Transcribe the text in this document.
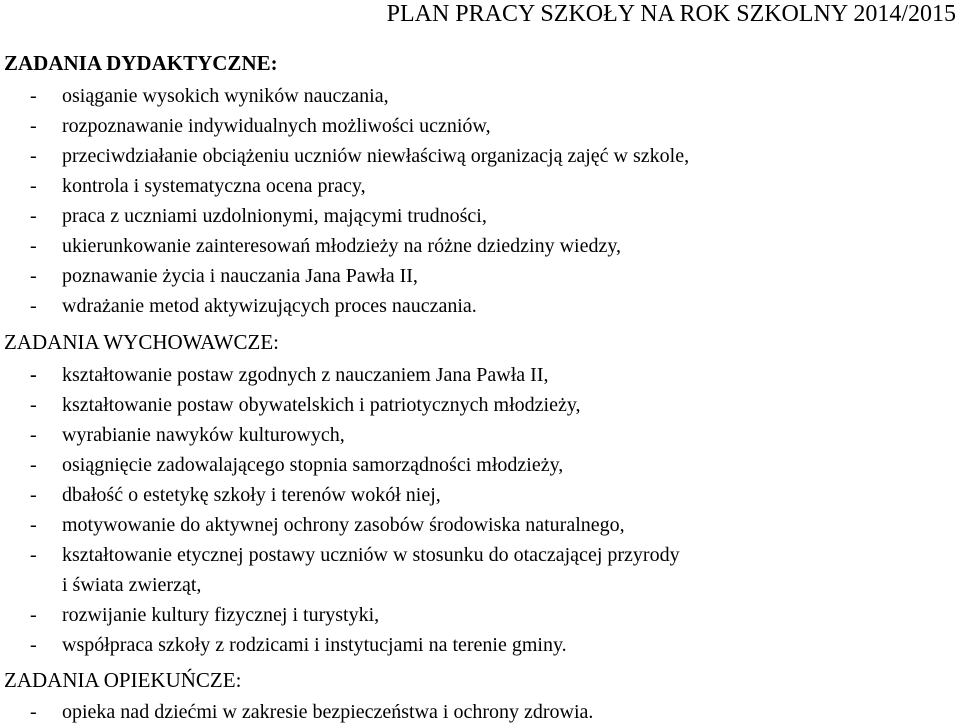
PLAN PRACY SZKOŁY NA ROK SZKOLNY 2014/2015
ZADANIA DYDAKTYCZNE:
- osiąganie wysokich wyników nauczania,
- rozpoznawanie indywidualnych możliwości uczniów,
- przeciwdziałanie obciążeniu uczniów niewłaściwą organizacją zajęć w szkole,
- kontrola i systematyczna ocena pracy,
- praca z uczniami uzdolnionymi, mającymi trudności,
- ukierunkowanie zainteresowań młodzieży na różne dziedziny wiedzy,
- poznawanie życia i nauczania Jana Pawła II,
- wdrażanie metod aktywizujących proces nauczania.
ZADANIA WYCHOWAWCZE:
- kształtowanie postaw zgodnych z nauczaniem Jana Pawła II,
- kształtowanie postaw obywatelskich i patriotycznych młodzieży,
- wyrabianie nawyków kulturowych,
- osiągnięcie zadowalającego stopnia samorządności młodzieży,
- dbałość o estetykę szkoły i terenów wokół niej,
- motywowanie do aktywnej ochrony zasobów środowiska naturalnego,
- kształtowanie etycznej postawy uczniów w stosunku do otaczającej przyrody
i świata zwierząt,
- rozwijanie kultury fizycznej i turystyki,
- współpraca szkoły z rodzicami i instytucjami na terenie gminy.
ZADANIA OPIEKUŃCZE:
- opieka nad dziećmi w zakresie bezpieczeństwa i ochrony zdrowia.
